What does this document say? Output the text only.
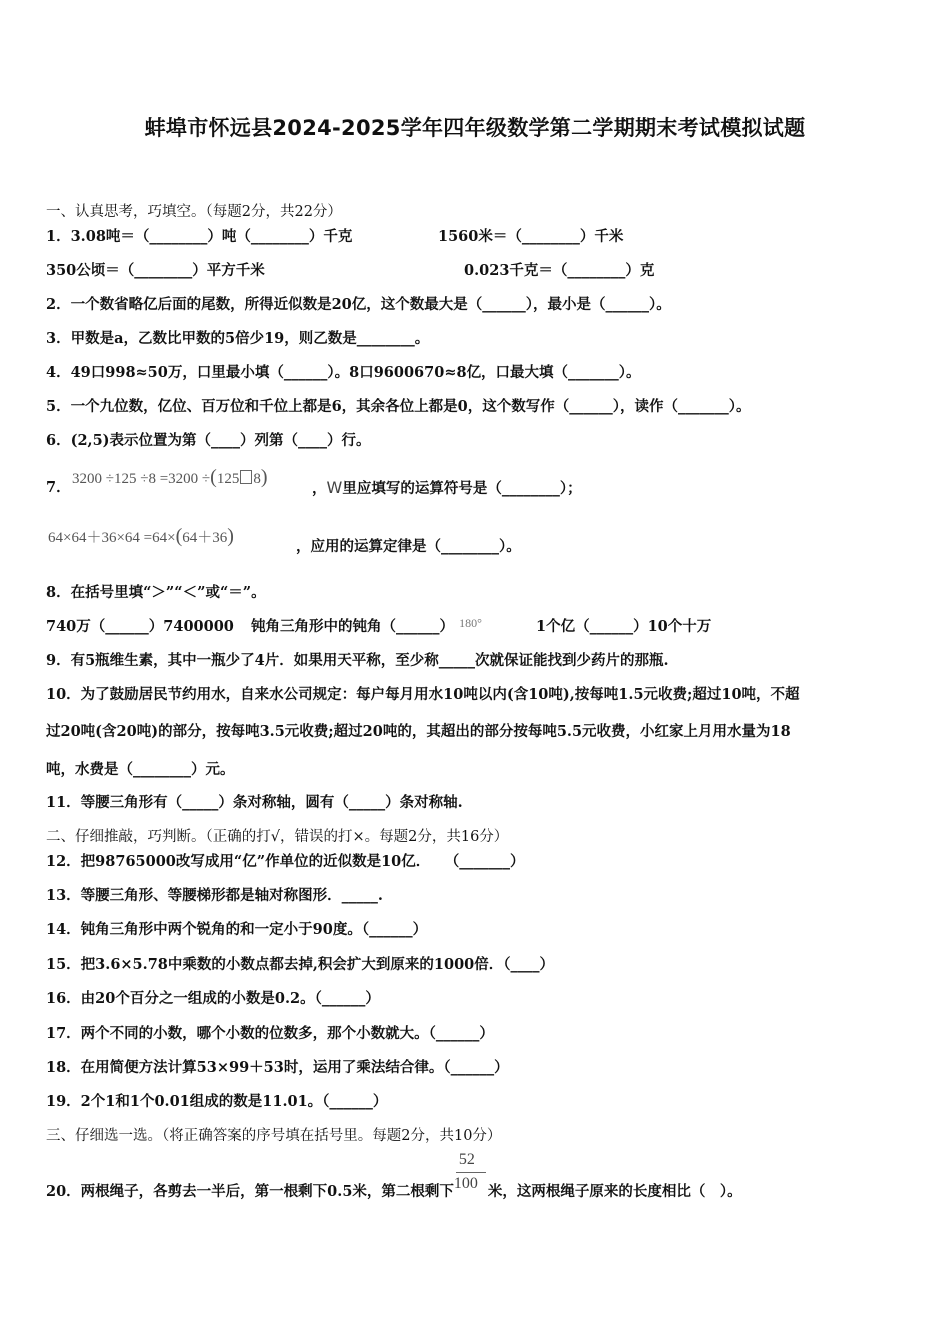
蚌埠市怀远县2024-2025学年四年级数学第二学期期末考试模拟试题
一、认真思考，巧填空。（每题2分，共22分）
1．3.08吨＝（________）吨（________）千克	1560米＝（________）千米
350公顷＝（________）平方千米	0.023千克＝（________）克
2．一个数省略亿后面的尾数，所得近似数是20亿，这个数最大是（______），最小是（______）。
3．甲数是a，乙数比甲数的5倍少19，则乙数是________。
4．49口998≈50万，口里最小填（______）。8口9600670≈8亿，口最大填（_______）。
5．一个九位数，亿位、百万位和千位上都是6，其余各位上都是0，这个数写作（______），读作（_______）。
6．(2,5)表示位置为第（____）列第（____）行。
7． 3200 ÷125 ÷8 =3200 ÷(125 8)
，W里应填写的运算符号是（________）；
64×64＋36×64 =64×(64＋36)	，应用的运算定律是（________）。
8．在括号里填“＞”“＜”或“＝”。
740万（______）7400000 钝角三角形中的钝角（______） $^{180^\circ}$	1个亿（______）10个十万
9．有5瓶维生素，其中一瓶少了4片．如果用天平称，至少称_____次就保证能找到少药片的那瓶.
10．为了鼓励居民节约用水，自来水公司规定：每户每月用水10吨以内(含10吨),按每吨1.5元收费;超过10吨，不超
过20吨(含20吨)的部分，按每吨3.5元收费;超过20吨的，其超出的部分按每吨5.5元收费，小红家上月用水量为18
吨，水费是（________）元。
11．等腰三角形有（_____）条对称轴，圆有（_____）条对称轴.
二、仔细推敲，巧判断。（正确的打√，错误的打×。每题2分，共16分）
12．把98765000改写成用“亿”作单位的近似数是10亿．　　（_______）
13．等腰三角形、等腰梯形都是轴对称图形．_____.
14．钝角三角形中两个锐角的和一定小于90度。（______）
15．把3.6×5.78中乘数的小数点都去掉,积会扩大到原来的1000倍．（____）
16．由20个百分之一组成的小数是0.2。（______）
17．两个不同的小数，哪个小数的位数多，那个小数就大。（______）
18．在用简便方法计算53×99＋53时，运用了乘法结合律。（______）
19．2个1和1个0.01组成的数是11.01。（______）
三、仔细选一选。（将正确答案的序号填在括号里。每题2分，共10分）
20．两根绳子，各剪去一半后，第一根剩下0.5米，第二根剩下 $\frac{52}{100}$ 米，这两根绳子原来的长度相比（　）。
